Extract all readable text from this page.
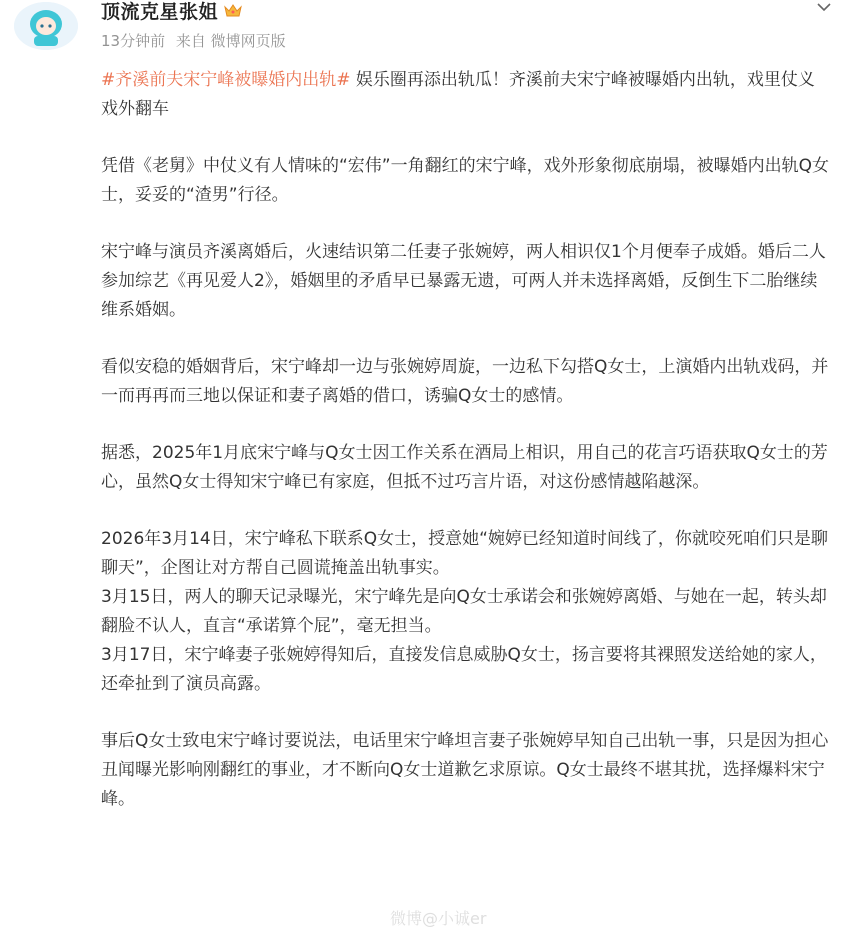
顶流克星张姐
13分钟前 来自 微博网页版

#齐溪前夫宋宁峰被曝婚内出轨# 娱乐圈再添出轨瓜！齐溪前夫宋宁峰被曝婚内出轨，戏里仗义戏外翻车

凭借《老舅》中仗义有人情味的“宏伟”一角翻红的宋宁峰，戏外形象彻底崩塌，被曝婚内出轨Q女士，妥妥的“渣男”行径。

宋宁峰与演员齐溪离婚后，火速结识第二任妻子张婉婷，两人相识仅1个月便奉子成婚。婚后二人参加综艺《再见爱人2》，婚姻里的矛盾早已暴露无遗，可两人并未选择离婚，反倒生下二胎继续维系婚姻。

看似安稳的婚姻背后，宋宁峰却一边与张婉婷周旋，一边私下勾搭Q女士，上演婚内出轨戏码，并一而再再而三地以保证和妻子离婚的借口，诱骗Q女士的感情。

据悉，2025年1月底宋宁峰与Q女士因工作关系在酒局上相识，用自己的花言巧语获取Q女士的芳心，虽然Q女士得知宋宁峰已有家庭，但抵不过巧言片语，对这份感情越陷越深。

2026年3月14日，宋宁峰私下联系Q女士，授意她“婉婷已经知道时间线了，你就咬死咱们只是聊聊天”，企图让对方帮自己圆谎掩盖出轨事实。

3月15日，两人的聊天记录曝光，宋宁峰先是向Q女士承诺会和张婉婷离婚、与她在一起，转头却翻脸不认人，直言“承诺算个屁”，毫无担当。

3月17日，宋宁峰妻子张婉婷得知后，直接发信息威胁Q女士，扬言要将其裸照发送给她的家人，还牵扯到了演员高露。

事后Q女士致电宋宁峰讨要说法，电话里宋宁峰坦言妻子张婉婷早知自己出轨一事，只是因为担心丑闻曝光影响刚翻红的事业，才不断向Q女士道歉乞求原谅。Q女士最终不堪其扰，选择爆料宋宁峰。

微博@小诚er
